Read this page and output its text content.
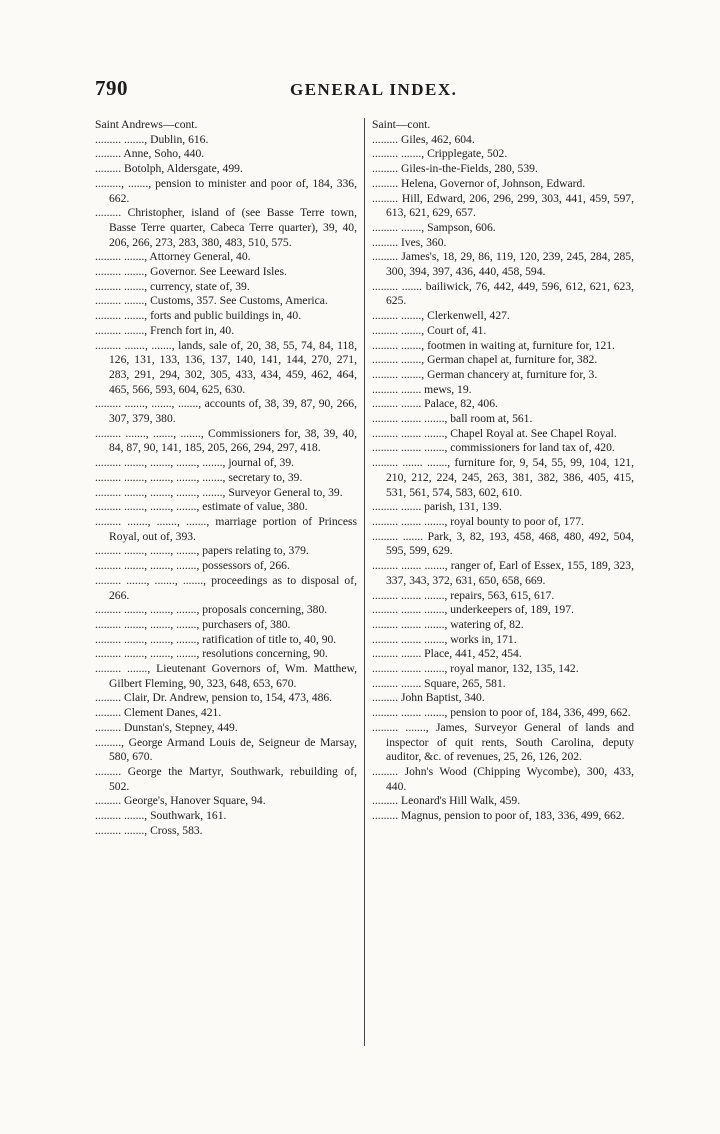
790	GENERAL INDEX.

Saint Andrews—cont.

......... ......., Dublin, 616.

......... Anne, Soho, 440.

......... Botolph, Aldersgate, 499.

........., ......., pension to minister and poor of, 184, 336, 662.

......... Christopher, island of (see Basse Terre town, Basse Terre quarter, Cabeca Terre quarter), 39, 40, 206, 266, 273, 283, 380, 483, 510, 575.

......... ......., Attorney General, 40.

......... ......., Governor. See Leeward Isles.

......... ......., currency, state of, 39.

......... ......., Customs, 357. See Customs, America.

......... ......., forts and public buildings in, 40.

......... ......., French fort in, 40.

......... ......., ......., lands, sale of, 20, 38, 55, 74, 84, 118, 126, 131, 133, 136, 137, 140, 141, 144, 270, 271, 283, 291, 294, 302, 305, 433, 434, 459, 462, 464, 465, 566, 593, 604, 625, 630.

......... ......., ......., ......., accounts of, 38, 39, 87, 90, 266, 307, 379, 380.

......... ......., ......., ......., Commissioners for, 38, 39, 40, 84, 87, 90, 141, 185, 205, 266, 294, 297, 418.

......... ......., ......., ......., ......., journal of, 39.

......... ......., ......., ......., ......., secretary to, 39.

......... ......., ......., ......., ......., Surveyor General to, 39.

......... ......., ......., ......., estimate of value, 380.

......... ......., ......., ......., marriage portion of Princess Royal, out of, 393.

......... ......., ......., ......., papers relating to, 379.

......... ......., ......., ......., possessors of, 266.

......... ......., ......., ......., proceedings as to disposal of, 266.

......... ......., ......., ......., proposals concerning, 380.

......... ......., ......., ......., purchasers of, 380.

......... ......., ......., ......., ratification of title to, 40, 90.

......... ......., ......., ......., resolutions concerning, 90.

......... ......., Lieutenant Governors of, Wm. Matthew, Gilbert Fleming, 90, 323, 648, 653, 670.

......... Clair, Dr. Andrew, pension to, 154, 473, 486.

......... Clement Danes, 421.

......... Dunstan's, Stepney, 449.

........., George Armand Louis de, Seigneur de Marsay, 580, 670.

......... George the Martyr, Southwark, rebuilding of, 502.

......... George's, Hanover Square, 94.

......... ......., Southwark, 161.

......... ......., Cross, 583.

Saint—cont.

......... Giles, 462, 604.

......... ......., Cripplegate, 502.

......... Giles-in-the-Fields, 280, 539.

......... Helena, Governor of, Johnson, Edward.

......... Hill, Edward, 206, 296, 299, 303, 441, 459, 597, 613, 621, 629, 657.

......... ......., Sampson, 606.

......... Ives, 360.

......... James's, 18, 29, 86, 119, 120, 239, 245, 284, 285, 300, 394, 397, 436, 440, 458, 594.

......... ....... bailiwick, 76, 442, 449, 596, 612, 621, 623, 625.

......... ......., Clerkenwell, 427.

......... ......., Court of, 41.

......... ......., footmen in waiting at, furniture for, 121.

......... ......., German chapel at, furniture for, 382.

......... ......., German chancery at, furniture for, 3.

......... ....... mews, 19.

......... ....... Palace, 82, 406.

......... ....... ......., ball room at, 561.

......... ....... ......., Chapel Royal at. See Chapel Royal.

......... ....... ......., commissioners for land tax of, 420.

......... ....... ......., furniture for, 9, 54, 55, 99, 104, 121, 210, 212, 224, 245, 263, 381, 382, 386, 405, 415, 531, 561, 574, 583, 602, 610.

......... ....... parish, 131, 139.

......... ....... ......., royal bounty to poor of, 177.

......... ....... Park, 3, 82, 193, 458, 468, 480, 492, 504, 595, 599, 629.

......... ....... ......., ranger of, Earl of Essex, 155, 189, 323, 337, 343, 372, 631, 650, 658, 669.

......... ....... ......., repairs, 563, 615, 617.

......... ....... ......., underkeepers of, 189, 197.

......... ....... ......., watering of, 82.

......... ....... ......., works in, 171.

......... ....... Place, 441, 452, 454.

......... ....... ......., royal manor, 132, 135, 142.

......... ....... Square, 265, 581.

......... John Baptist, 340.

......... ....... ......., pension to poor of, 184, 336, 499, 662.

......... ......., James, Surveyor General of lands and inspector of quit rents, South Carolina, deputy auditor, &c. of revenues, 25, 26, 126, 202.

......... John's Wood (Chipping Wycombe), 300, 433, 440.

......... Leonard's Hill Walk, 459.

......... Magnus, pension to poor of, 183, 336, 499, 662.
